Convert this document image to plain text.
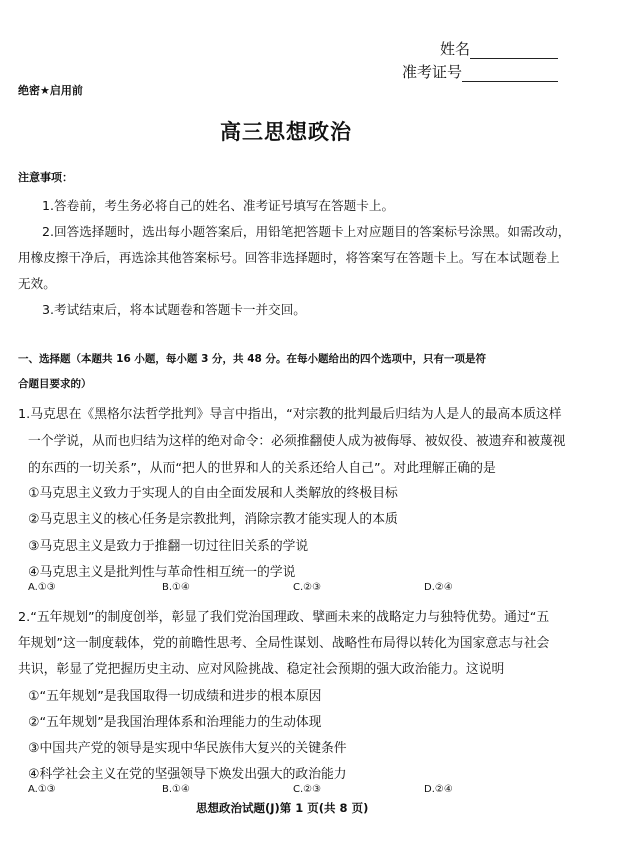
姓名
准考证号
绝密★启用前
高三思想政治
注意事项：
1.答卷前，考生务必将自己的姓名、准考证号填写在答题卡上。
2.回答选择题时，选出每小题答案后，用铅笔把答题卡上对应题目的答案标号涂黑。如需改动，
用橡皮擦干净后，再选涂其他答案标号。回答非选择题时，将答案写在答题卡上。写在本试题卷上
无效。
3.考试结束后，将本试题卷和答题卡一并交回。
一、选择题（本题共 16 小题，每小题 3 分，共 48 分。在每小题给出的四个选项中，只有一项是符
合题目要求的）
1.马克思在《黑格尔法哲学批判》导言中指出，“对宗教的批判最后归结为人是人的最高本质这样
一个学说，从而也归结为这样的绝对命令：必须推翻使人成为被侮辱、被奴役、被遗弃和被蔑视
的东西的一切关系”，从而“把人的世界和人的关系还给人自己”。对此理解正确的是
①马克思主义致力于实现人的自由全面发展和人类解放的终极目标
②马克思主义的核心任务是宗教批判，消除宗教才能实现人的本质
③马克思主义是致力于推翻一切过往旧关系的学说
④马克思主义是批判性与革命性相互统一的学说
A.①③	B.①④	C.②③	D.②④
2.“五年规划”的制度创举，彰显了我们党治国理政、擘画未来的战略定力与独特优势。通过“五
年规划”这一制度载体，党的前瞻性思考、全局性谋划、战略性布局得以转化为国家意志与社会
共识，彰显了党把握历史主动、应对风险挑战、稳定社会预期的强大政治能力。这说明
①“五年规划”是我国取得一切成绩和进步的根本原因
②“五年规划”是我国治理体系和治理能力的生动体现
③中国共产党的领导是实现中华民族伟大复兴的关键条件
④科学社会主义在党的坚强领导下焕发出强大的政治能力
A.①③	B.①④	C.②③	D.②④
思想政治试题(J)第 1 页(共 8 页)
